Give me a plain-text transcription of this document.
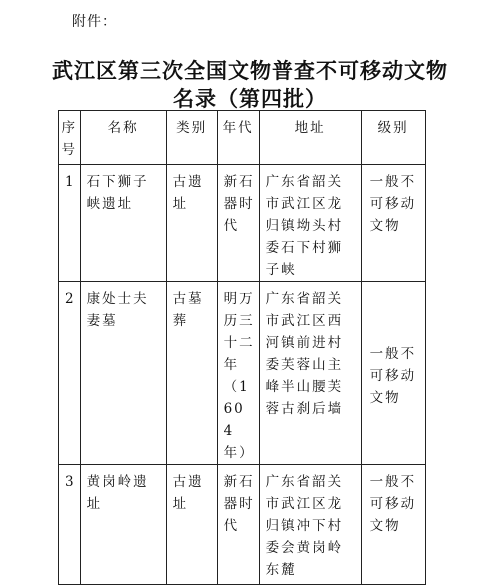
附件：
武江区第三次全国文物普查不可移动文物
名录（第四批）
序号	名称	类别	年代	地址	级别
1	石下狮子峡遗址	古遗址	新石器时代	广东省韶关市武江区龙归镇坳头村委石下村狮子峡	一般不可移动文物
2	康处士夫妻墓	古墓葬	明万历三十二年（1604年）	广东省韶关市武江区西河镇前进村委芙蓉山主峰半山腰芙蓉古刹后墙	一般不可移动文物
3	黄岗岭遗址	古遗址	新石器时代	广东省韶关市武江区龙归镇冲下村委会黄岗岭东麓	一般不可移动文物
